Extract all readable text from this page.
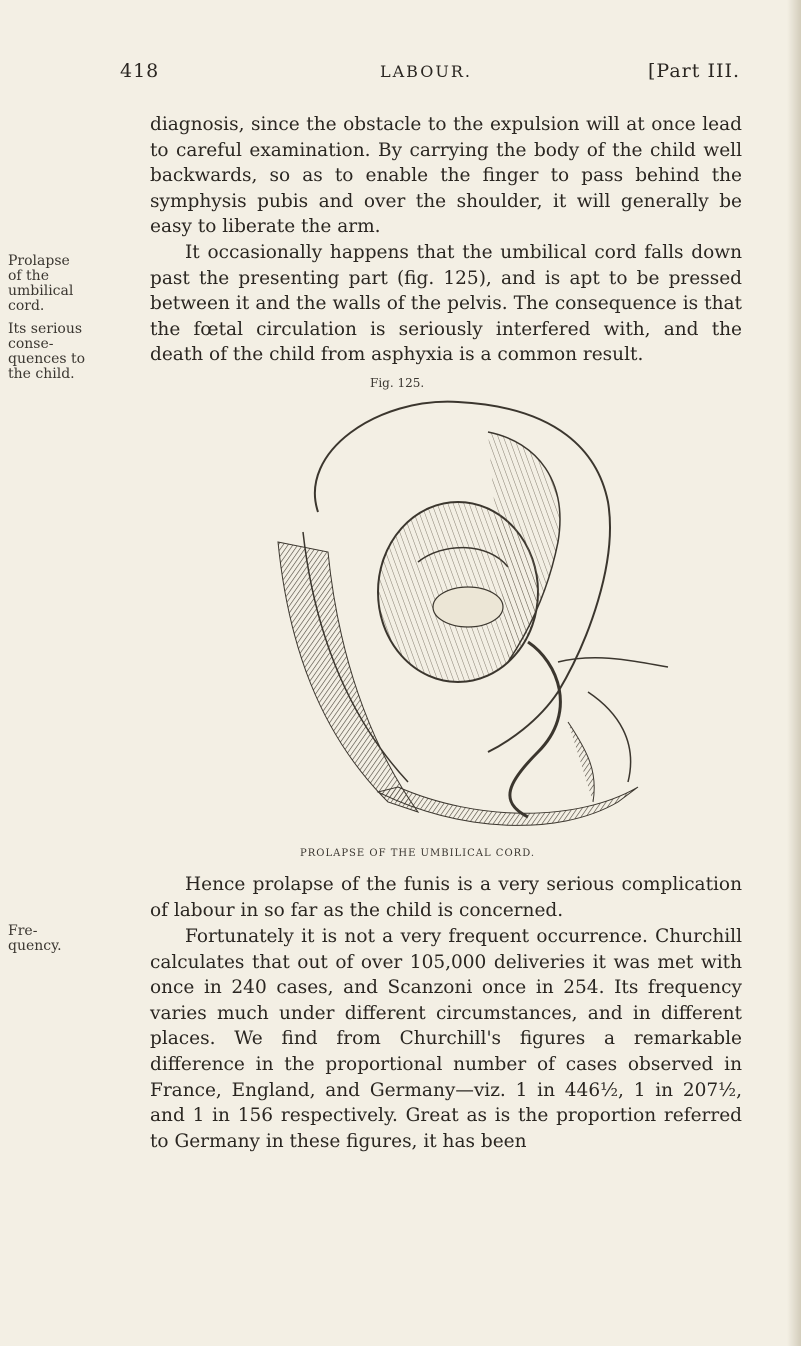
418	LABOUR.	[Part III.

diagnosis, since the obstacle to the expulsion will at once lead to careful examination. By carrying the body of the child well backwards, so as to enable the finger to pass behind the symphysis pubis and over the shoulder, it will generally be easy to liberate the arm.

Prolapse
of the
umbilical
cord.

It occasionally happens that the umbilical cord falls down past the presenting part (fig. 125), and is apt to be pressed between it and the walls of the pelvis. The consequence is that the fœtal circulation is seriously interfered with, and the death of the child from asphyxia is a common result.

Its serious
conse-
quences to
the child.
Fig. 125.
PROLAPSE OF THE UMBILICAL CORD.

Hence prolapse of the funis is a very serious complication of labour in so far as the child is concerned.

Fre-
quency.	Fortunately it is not a very frequent occurrence. Churchill calculates that out of over 105,000 deliveries it was met with once in 240 cases, and Scanzoni once in 254. Its frequency varies much under different circumstances, and in different places. We find from Churchill's figures a remarkable difference in the proportional number of cases observed in France, England, and Germany—viz. 1 in 446½, 1 in 207½, and 1 in 156 respectively. Great as is the proportion referred to Germany in these figures, it has been
